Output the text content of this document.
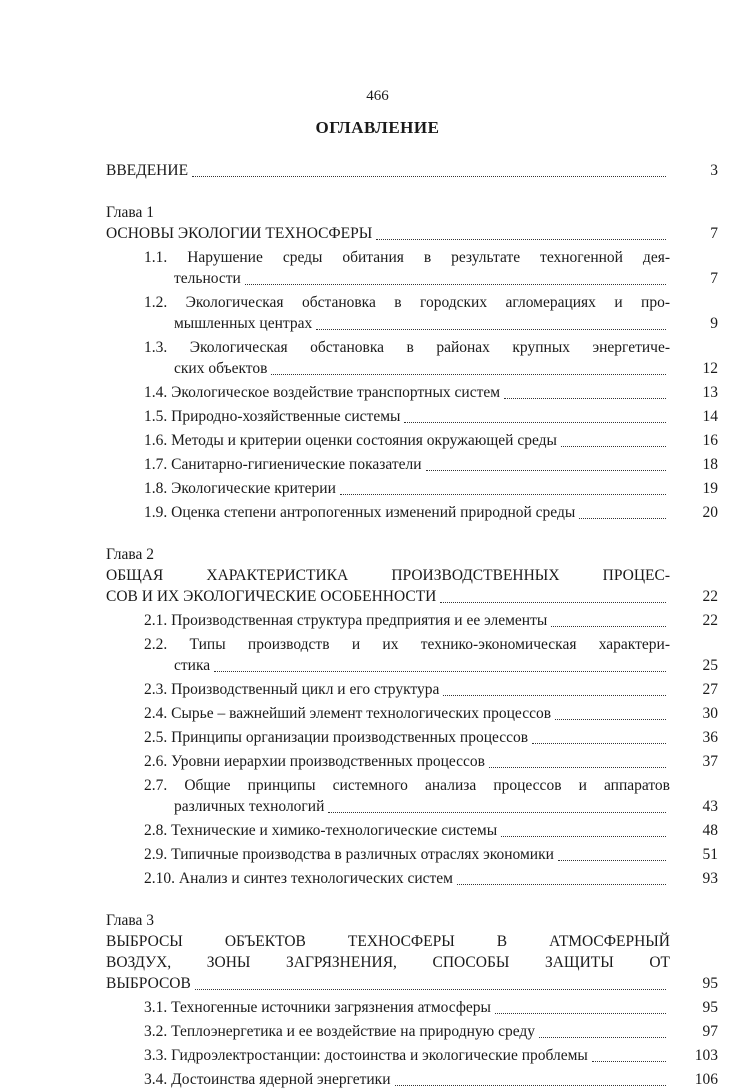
466
ОГЛАВЛЕНИЕ
ВВЕДЕНИЕ	3
Глава 1
ОСНОВЫ ЭКОЛОГИИ ТЕХНОСФЕРЫ	7
1.1. Нарушение среды обитания в результате техногенной дея-
тельности	7
1.2. Экологическая обстановка в городских агломерациях и про-
мышленных центрах	9
1.3. Экологическая обстановка в районах крупных энергетиче-
ских объектов	12
1.4. Экологическое воздействие транспортных систем	13
1.5. Природно-хозяйственные системы	14
1.6. Методы и критерии оценки состояния окружающей среды	16
1.7. Санитарно-гигиенические показатели	18
1.8. Экологические критерии	19
1.9. Оценка степени антропогенных изменений природной среды	20
Глава 2
ОБЩАЯ ХАРАКТЕРИСТИКА ПРОИЗВОДСТВЕННЫХ ПРОЦЕС-
СОВ И ИХ ЭКОЛОГИЧЕСКИЕ ОСОБЕННОСТИ	22
2.1. Производственная структура предприятия и ее элементы	22
2.2. Типы производств и их технико-экономическая характери-
стика	25
2.3. Производственный цикл и его структура	27
2.4. Сырье – важнейший элемент технологических процессов	30
2.5. Принципы организации производственных процессов	36
2.6. Уровни иерархии производственных процессов	37
2.7. Общие принципы системного анализа процессов и аппаратов
различных технологий	43
2.8. Технические и химико-технологические системы	48
2.9. Типичные производства в различных отраслях экономики	51
2.10. Анализ и синтез технологических систем	93
Глава 3
ВЫБРОСЫ ОБЪЕКТОВ ТЕХНОСФЕРЫ В АТМОСФЕРНЫЙ
ВОЗДУХ, ЗОНЫ ЗАГРЯЗНЕНИЯ, СПОСОБЫ ЗАЩИТЫ ОТ
ВЫБРОСОВ	95
3.1. Техногенные источники загрязнения атмосферы	95
3.2. Теплоэнергетика и ее воздействие на природную среду	97
3.3. Гидроэлектростанции: достоинства и экологические проблемы	103
3.4. Достоинства ядерной энергетики	106
